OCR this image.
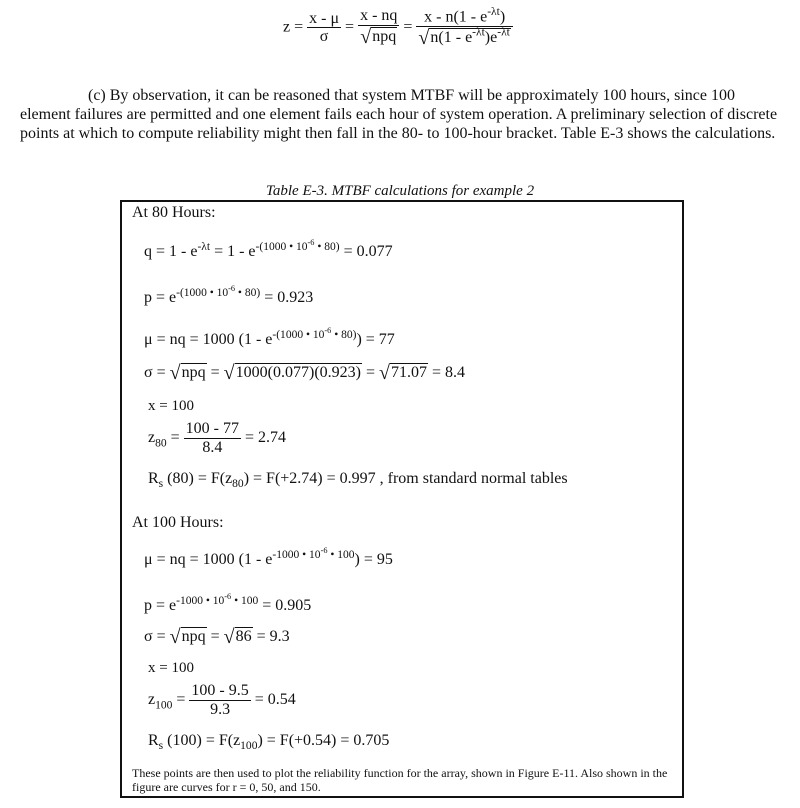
$z = \frac{x - \mu}{\sigma} = \frac{x - nq}{\text{√npq}} = \frac{x - n(1 - e^{-\lambda t})}{√n(1 - e^{-\lambda t})e^{-\lambda t}}$
(c) By observation, it can be reasoned that system MTBF will be approximately 100 hours, since 100 element failures are permitted and one element fails each hour of system operation. A preliminary selection of discrete points at which to compute reliability might then fall in the 80- to 100-hour bracket. Table E-3 shows the calculations.
Table E-3. MTBF calculations for example 2
At 80 Hours:
$q = 1 - e^{-\lambda t} = 1 - e^{-(1000 • 10^{-6} • 80)} = 0.077$
$p = e^{-(1000 • 10^{-6} • 80)} = 0.923$
μ = nq = 1000 $(1 - e^{-(1000 • 10^{-6} • 80)}) = 77$
σ = √npq = √1000(0.077)(0.923) = √71.07 = 8.4
x = 100
$z_{80} = \frac{100 - 77}{8.4} = 2.74$
$R_s$ $(80) = F(z_{80}) = F(+2.74) = 0.997$ , from standard normal tables
At 100 Hours:
μ = nq = 1000 $(1 - e^{-1000 • 10^{-6} • 100}) = 95$
$p = e^{-1000 • 10^{-6} • 100} = 0.905$
σ = √npq = √86 = 9.3
x = 100
$z_{100} = \frac{100 - 9.5}{9.3} = 0.54$
$R_s$ $(100) = F(z_{100}) = F(+0.54) = 0.705$
These points are then used to plot the reliability function for the array, shown in Figure E-11. Also shown in the figure are curves for r = 0, 50, and 150.
